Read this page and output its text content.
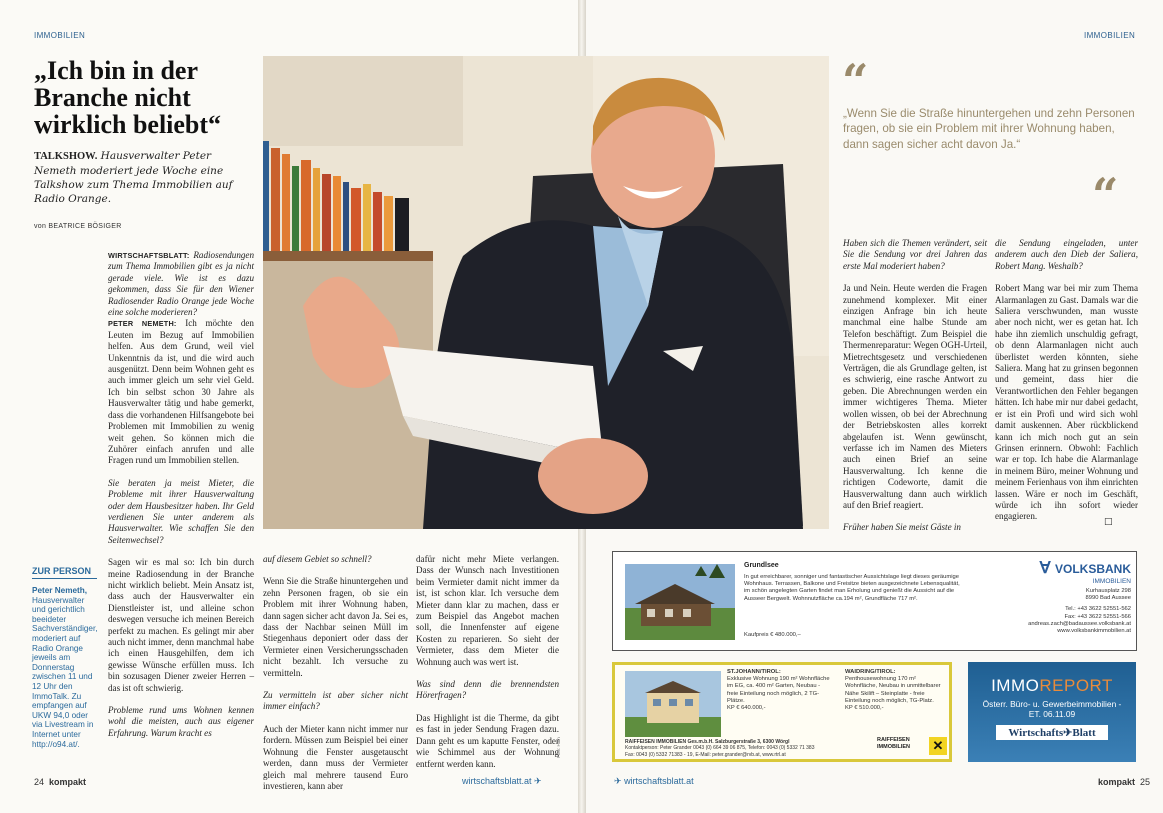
IMMOBILIEN
„Ich bin in der Branche nicht wirklich beliebt“
TALKSHOW. Hausverwalter Peter Nemeth moderiert jede Woche eine Talkshow zum Thema Immobilien auf Radio Orange.
von BEATRICE BÖSIGER

WIRTSCHAFTSBLATT: Radiosendungen zum Thema Immobilien gibt es ja nicht gerade viele. Wie ist es dazu gekommen, dass Sie für den Wiener Radiosender Radio Orange jede Woche eine solche moderieren?

PETER NEMETH: Ich möchte den Leuten im Bezug auf Immobilien helfen. Aus dem Grund, weil viel Unkenntnis da ist, und die wird auch ausgenützt. Denn beim Wohnen geht es auch immer gleich um sehr viel Geld. Ich bin selbst schon 30 Jahre als Hausverwalter tätig und habe gemerkt, dass die vorhandenen Hilfsangebote bei Problemen mit Immobilien zu wenig weit gehen. So können mich die Zuhörer einfach anrufen und alle Fragen rund um Immobilien stellen.

Sie beraten ja meist Mieter, die Probleme mit ihrer Hausverwaltung oder dem Hausbesitzer haben. Ihr Geld verdienen Sie unter anderem als Hausverwalter. Wie schaffen Sie den Seitenwechsel?

Sagen wir es mal so: Ich bin durch meine Radiosendung in der Branche nicht wirklich beliebt. Mein Ansatz ist, dass auch der Hausverwalter ein Dienstleister ist, und alleine schon deswegen versuche ich meinen Bereich perfekt zu machen. Es gelingt mir aber auch nicht immer, denn manchmal habe ich einen Hausgehilfen, dem ich gewisse Wünsche erfüllen muss. Ich bin sozusagen Diener zweier Herren – das ist oft schwierig.

Probleme rund ums Wohnen kennen wohl die meisten, auch aus eigener Erfahrung. Warum kracht es

auf diesem Gebiet so schnell?

Wenn Sie die Straße hinuntergehen und zehn Personen fragen, ob sie ein Problem mit ihrer Wohnung haben, dann sagen sicher acht davon Ja. Sei es, dass der Nachbar seinen Müll im Stiegenhaus deponiert oder dass der Vermieter einen Versicherungsschaden nicht bezahlt. Ich versuche zu vermitteln.

Zu vermitteln ist aber sicher nicht immer einfach?

Auch der Mieter kann nicht immer nur fordern. Müssen zum Beispiel bei einer Wohnung die Fenster ausgetauscht werden, dann muss der Vermieter gleich mal mehrere tausend Euro investieren, kann aber

dafür nicht mehr Miete verlangen. Dass der Wunsch nach Investitionen beim Vermieter damit nicht immer da ist, ist schon klar. Ich versuche dem Mieter dann klar zu machen, dass er zum Beispiel das Angebot machen soll, die Innenfenster auf eigene Kosten zu reparieren. So sieht der Vermieter, dass dem Mieter die Wohnung auch was wert ist.

Was sind denn die brennendsten Hörerfragen?

Das Highlight ist die Therme, da gibt es fast in jeder Sendung Fragen dazu. Dann geht es um kaputte Fenster, oder wie Schimmel aus der Wohnung entfernt werden kann.

ZUR PERSON
Peter Nemeth,
Hausverwalter und gerichtlich beeideter Sachverständiger, moderiert auf Radio Orange jeweils am Donnerstag zwischen 11 und 12 Uhr den ImmoTalk. Zu empfangen auf UKW 94,0 oder via Livestream in Internet unter http://o94.at/.	Foto: Hain
24 kompakt	wirtschaftsblatt.at ✈
IMMOBILIEN
“
„Wenn Sie die Straße hinuntergehen und zehn Personen fragen, ob sie ein Problem mit ihrer Wohnung haben, dann sagen sicher acht davon Ja.“
“

Haben sich die Themen verändert, seit Sie die Sendung vor drei Jahren das erste Mal moderiert haben?

Ja und Nein. Heute werden die Fragen zunehmend komplexer. Mit einer einzigen Anfrage bin ich heute manchmal eine halbe Stunde am Telefon beschäftigt. Zum Beispiel die Thermenreparatur: Wegen OGH-Urteil, Mietrechtsgesetz und verschiedenen Verträgen, die als Grundlage gelten, ist es schwierig, eine rasche Antwort zu geben. Die Abrechnungen werden ein immer wichtigeres Thema. Mieter wollen wissen, ob bei der Abrechnung der Betriebskosten alles korrekt abgelaufen ist. Wenn gewünscht, verfasse ich im Namen des Mieters auch einen Brief an seine Hausverwaltung. Ich kenne die richtigen Codeworte, damit die Hausverwaltung dann auch wirklich auf den Brief reagiert.

Früher haben Sie meist Gäste in

die Sendung eingeladen, unter anderem auch den Dieb der Saliera, Robert Mang. Weshalb?

Robert Mang war bei mir zum Thema Alarmanlagen zu Gast. Damals war die Saliera verschwunden, man wusste aber noch nicht, wer es getan hat. Ich habe ihn ziemlich unschuldig gefragt, ob denn Alarmanlagen nicht auch überlistet werden könnten, siehe Saliera. Mang hat zu grinsen begonnen und gemeint, dass hier die Verantwortlichen den Fehler begangen hätten. Ich habe mir nur dabei gedacht, er ist ein Profi und wird sich wohl damit auskennen. Aber rückblickend kann ich mich noch gut an sein Grinsen erinnern. Obwohl: Fachlich war er top. Ich habe die Alarmanlage in meinem Büro, meiner Wohnung und meinem Ferienhaus von ihm einrichten lassen. Wäre er noch im Geschäft, würde ich ihn sofort wieder engagieren.

□
Grundlsee
In gut erreichbarer, sonniger und fantastischer Aussichtslage liegt dieses geräumige Wohnhaus. Terrassen, Balkone und Freisitze bieten ausgezeichnete Lebensqualität, im schön angelegten Garten findet man Erholung und genießt die Aussicht auf die Ausseer Bergwelt. Wohnnutzfläche ca.194 m², Grundfläche 717 m².
Kaufpreis € 480.000,–
∀ VOLKSBANK
IMMOBILIEN
Kurhausplatz 298
8990 Bad Aussee
Tel.: +43 3622 52551-562
Fax: +43 3622 52551-566
andreas.zach@badaussee.volksbank.at
www.volksbankimmobilien.at
ST.JOHANN/TIROL:
Exklusive Wohnung 190 m² Wohnfläche im EG, ca. 400 m² Garten, Neubau - freie Einteilung noch möglich, 2 TG-Plätze.
KP € 640.000,-
WAIDRING/TIROL:
Penthousewohnung 170 m² Wohnfläche, Neubau in unmittelbarer Nähe Skilift – Steinplatte - freie Einteilung noch möglich, TG-Platz.
KP € 510.000,-
RAIFFEISEN IMMOBILIEN Ges.m.b.H. Salzburgerstraße 3, 6300 Wörgl
Kontaktperson: Peter Grander 0043 (0) 664 39 06 875, Telefon: 0043 (0) 5332 71 383
Fax: 0043 (0) 5332 71383 - 19, E-Mail: peter.grander@rvb.at, www.rtrl.at
✕
RAIFFEISEN IMMOBILIEN
IMMOREPORT
Österr. Büro- u. Gewerbeimmobilien -
ET. 06.11.09
Wirtschafts✈Blatt
✈ wirtschaftsblatt.at	kompakt 25
